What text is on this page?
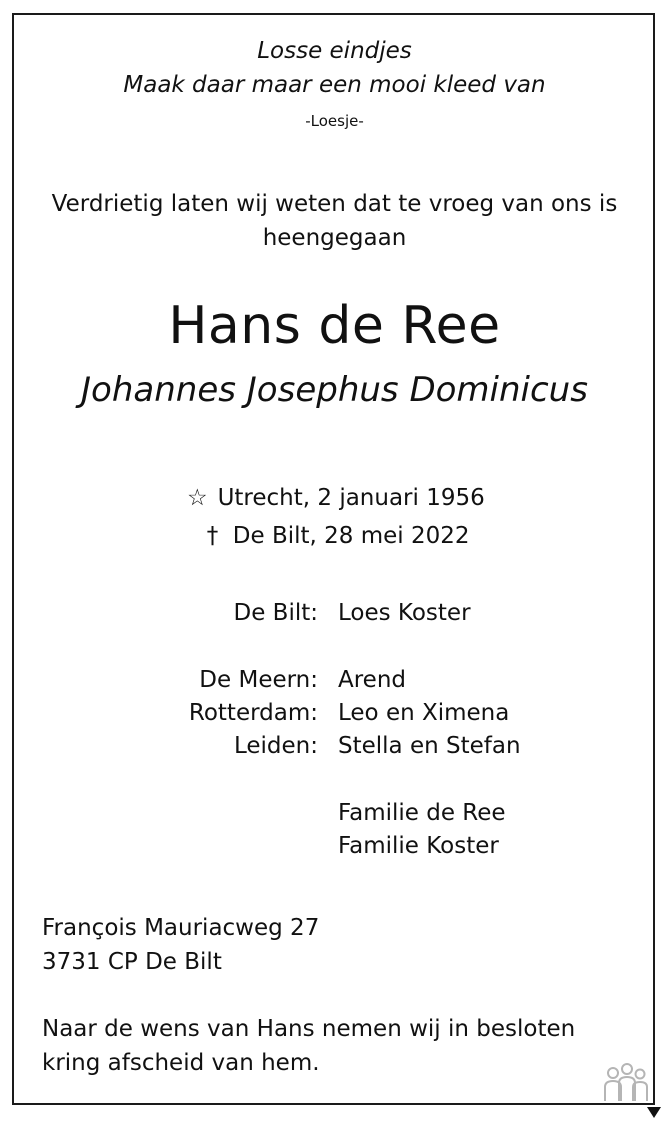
Losse eindjes
Maak daar maar een mooi kleed van
-Loesje-
Verdrietig laten wij weten dat te vroeg van ons is
heengegaan
Hans de Ree
Johannes Josephus Dominicus
☆ Utrecht, 2 januari 1956
† De Bilt, 28 mei 2022
De Bilt: Loes Koster
De Meern: Arend
Rotterdam: Leo en Ximena
Leiden: Stella en Stefan
Familie de Ree
Familie Koster
François Mauriacweg 27
3731 CP De Bilt
Naar de wens van Hans nemen wij in besloten
kring afscheid van hem.
